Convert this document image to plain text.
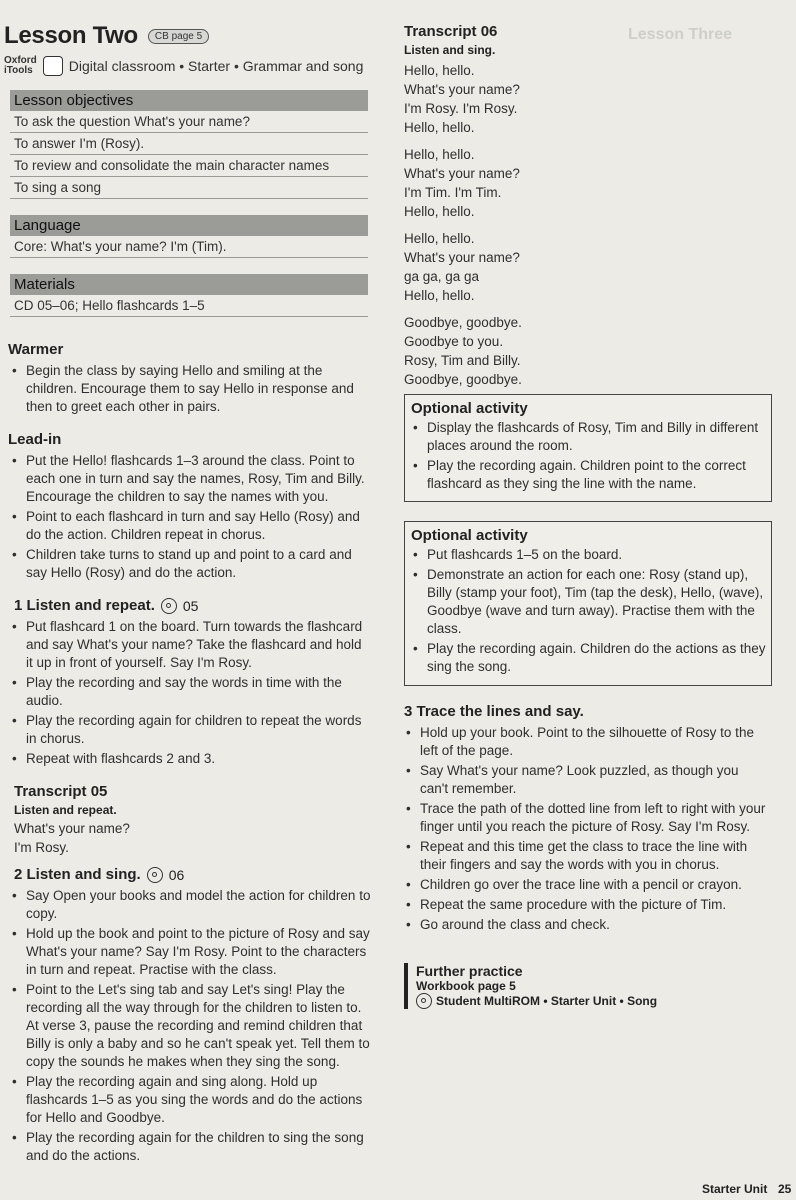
Lesson Three
Lesson Two	CB page 5
Oxford
iTools	Digital classroom • Starter • Grammar and song
Lesson objectives
To ask the question What's your name?
To answer I'm (Rosy).
To review and consolidate the main character names
To sing a song
Language
Core: What's your name? I'm (Tim).
Materials
CD 05–06; Hello flashcards 1–5
Warmer
• Begin the class by saying Hello and smiling at the children. Encourage them to say Hello in response and then to greet each other in pairs.
Lead-in
• Put the Hello! flashcards 1–3 around the class. Point to each one in turn and say the names, Rosy, Tim and Billy. Encourage the children to say the names with you.
• Point to each flashcard in turn and say Hello (Rosy) and do the action. Children repeat in chorus.
• Children take turns to stand up and point to a card and say Hello (Rosy) and do the action.
1 Listen and repeat. 05
• Put flashcard 1 on the board. Turn towards the flashcard and say What's your name? Take the flashcard and hold it up in front of yourself. Say I'm Rosy.
• Play the recording and say the words in time with the audio.
• Play the recording again for children to repeat the words in chorus.
• Repeat with flashcards 2 and 3.
Transcript 05
Listen and repeat.
What's your name?
I'm Rosy.
2 Listen and sing. 06
• Say Open your books and model the action for children to copy.
• Hold up the book and point to the picture of Rosy and say What's your name? Say I'm Rosy. Point to the characters in turn and repeat. Practise with the class.
• Point to the Let's sing tab and say Let's sing! Play the recording all the way through for the children to listen to. At verse 3, pause the recording and remind children that Billy is only a baby and so he can't speak yet. Tell them to copy the sounds he makes when they sing the song.
• Play the recording again and sing along. Hold up flashcards 1–5 as you sing the words and do the actions for Hello and Goodbye.
• Play the recording again for the children to sing the song and do the actions.
Transcript 06
Listen and sing.
Hello, hello.
What's your name?
I'm Rosy. I'm Rosy.
Hello, hello.
Hello, hello.
What's your name?
I'm Tim. I'm Tim.
Hello, hello.
Hello, hello.
What's your name?
ga ga, ga ga
Hello, hello.
Goodbye, goodbye.
Goodbye to you.
Rosy, Tim and Billy.
Goodbye, goodbye.
Optional activity
• Display the flashcards of Rosy, Tim and Billy in different places around the room.
• Play the recording again. Children point to the correct flashcard as they sing the line with the name.
Optional activity
• Put flashcards 1–5 on the board.
• Demonstrate an action for each one: Rosy (stand up), Billy (stamp your foot), Tim (tap the desk), Hello, (wave), Goodbye (wave and turn away). Practise them with the class.
• Play the recording again. Children do the actions as they sing the song.
3 Trace the lines and say.
• Hold up your book. Point to the silhouette of Rosy to the left of the page.
• Say What's your name? Look puzzled, as though you can't remember.
• Trace the path of the dotted line from left to right with your finger until you reach the picture of Rosy. Say I'm Rosy.
• Repeat and this time get the class to trace the line with their fingers and say the words with you in chorus.
• Children go over the trace line with a pencil or crayon.
• Repeat the same procedure with the picture of Tim.
• Go around the class and check.
Further practice
Workbook page 5
Student MultiROM • Starter Unit • Song
Starter Unit 25
